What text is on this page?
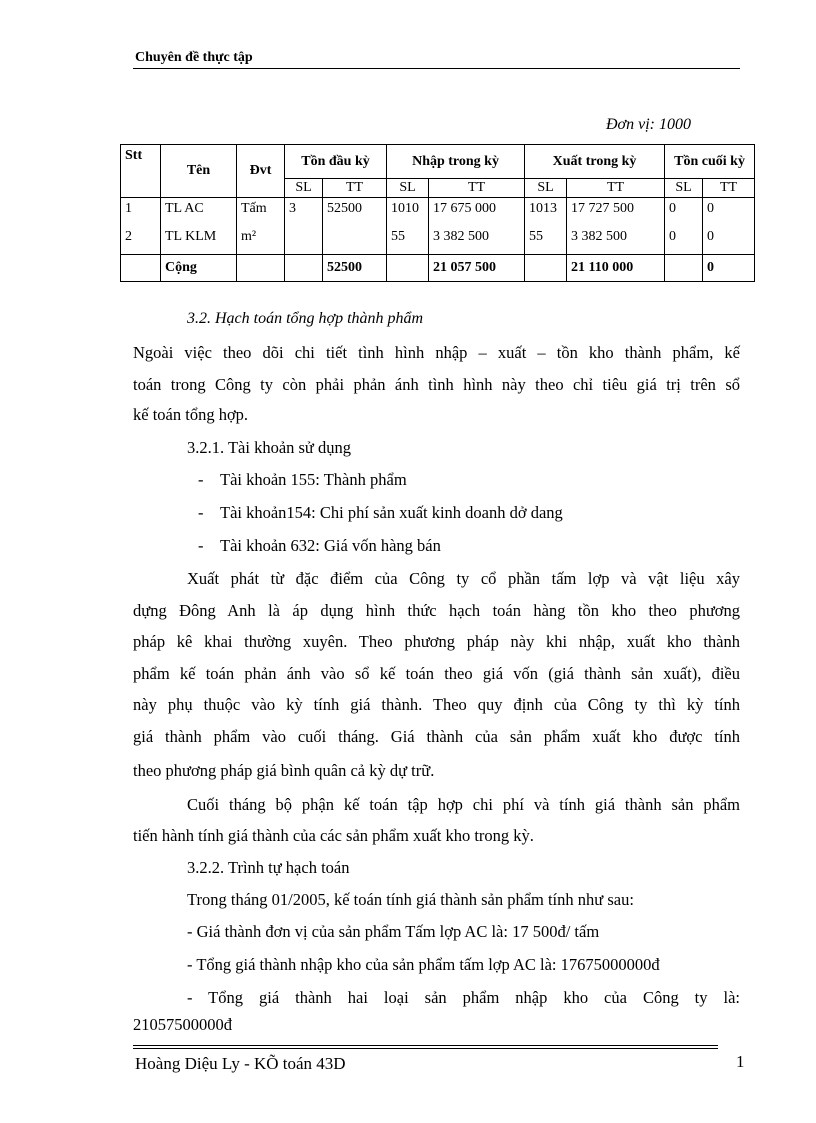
Chuyên đề thực tập
Đơn vị: 1000
Stt	Tên	Đvt	Tồn đầu kỳ		Nhập trong kỳ		Xuất trong kỳ		Tồn cuối kỳ	
			SL	TT	SL	TT	SL	TT	SL	TT
1	TL AC	Tấm	3	52500	1010	17 675 000	1013	17 727 500	0	0
2	TL KLM	m²			55	3 382 500	55	3 382 500	0	0
	Cộng			52500		21 057 500		21 110 000		0
3.2. Hạch toán tổng hợp thành phẩm
Ngoài việc theo dõi chi tiết tình hình nhập – xuất – tồn kho thành phẩm, kế
toán trong Công ty còn phải phản ánh tình hình này theo chỉ tiêu giá trị trên sổ
kế toán tổng hợp.
3.2.1. Tài khoản sử dụng
-    Tài khoản 155: Thành phẩm
-    Tài khoản154: Chi phí sản xuất kinh doanh dở dang
-    Tài khoản 632: Giá vốn hàng bán
Xuất phát từ đặc điểm của Công ty cổ phần tấm lợp và vật liệu xây
dựng Đông Anh là áp dụng hình thức hạch toán hàng tồn kho theo phương
pháp kê khai thường xuyên. Theo phương pháp này khi nhập, xuất kho thành
phẩm kế toán phản ánh vào sổ kế toán theo giá vốn (giá thành sản xuất), điều
này phụ thuộc vào kỳ tính giá thành. Theo quy định của Công ty thì kỳ tính
giá thành phẩm vào cuối tháng. Giá thành của sản phẩm xuất kho được tính
theo phương pháp giá bình quân cả kỳ dự trữ.
Cuối tháng bộ phận kế toán tập hợp chi phí và tính giá thành sản phẩm
tiến hành tính giá thành của các sản phẩm xuất kho trong kỳ.
3.2.2. Trình tự hạch toán
Trong tháng 01/2005, kế toán tính giá thành sản phẩm tính như sau:
- Giá thành đơn vị của sản phẩm Tấm lợp AC là: 17 500đ/ tấm
- Tổng giá thành nhập kho của sản phẩm tấm lợp AC là: 17675000000đ
- Tổng giá thành hai loại sản phẩm nhập kho của Công ty là:
21057500000đ
Hoàng Diệu Ly - KÕ toán 43D	1
